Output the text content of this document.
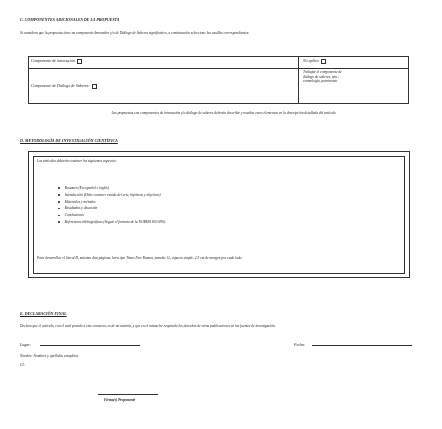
C. COMPONENTES ADICIONALES DE LA PROPUESTA
Si considera que la propuesta tiene un componente Innovador y/o de Diálogo de Saberes significativo, a continuación seleccione las casillas correspondientes:
Componente de innovación	No aplica
Componente de Diálogo de Saberes:
Trabajar el componente de
diálogo de saberes, ejm.:
cosmología, patrimonio
Las propuestas con componentes de innovación y/o diálogo de saberes deberán describir y resaltar estos elementos en la descripción detallada del artículo.
D. METODOLOGÍA DE INVESTIGACIÓN CIENTÍFICA
Los artículos deberán contener los siguientes aspectos:
Resumen (En español e inglés)
Introducción (Debe contener estado del arte, hipótesis y objetivos)
Materiales y métodos
Resultados y discusión
Conclusiones
Referencias bibliográficas (Seguir el formato de la NORMA ISO 690).
Para desarrollar el literal D, máximo diez páginas, letra tipo Times New Roman, tamaño 12, espacio simple, 2.5 cm de margen por cada lado.
E. DECLARACIÓN FINAL
Declaro que el artículo, con el cual postulo a este concurso, es de mi autoría, y que en el mismo he respetado los derechos de otras publicaciones en las fuentes de investigación.
Lugar:	Fecha:
Nombre: Nombres y apellidos completos
CI:
Firma(s) Proponente
